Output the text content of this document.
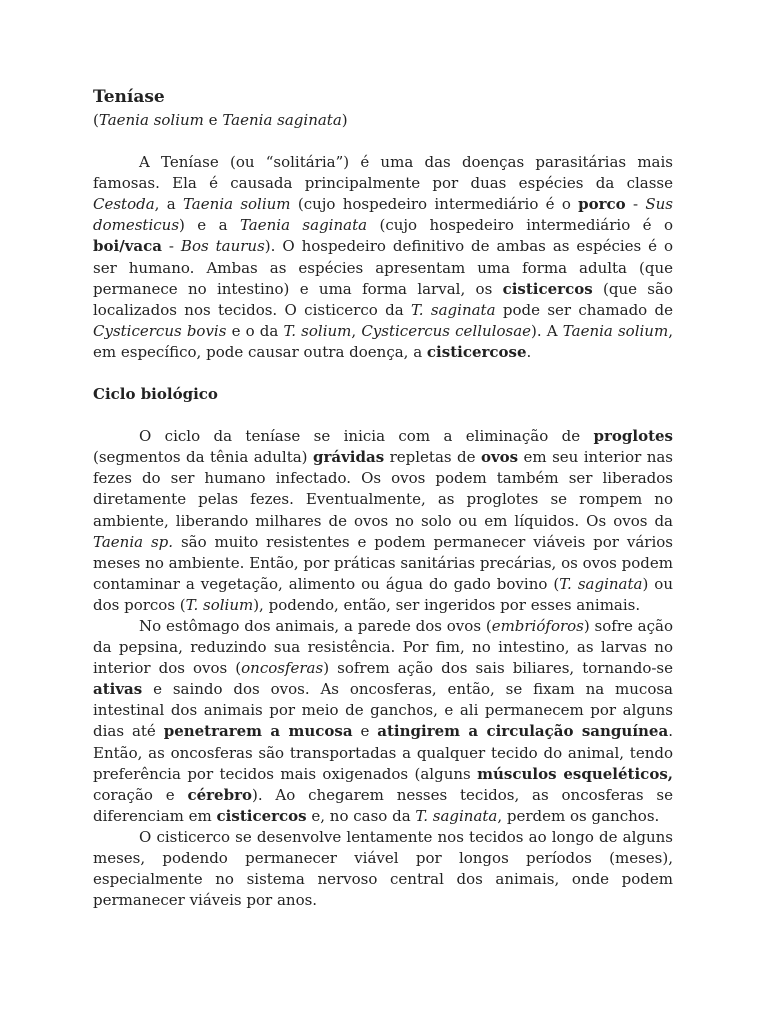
Teníase

(Taenia solium e Taenia saginata)

A Teníase (ou “solitária”) é uma das doenças parasitárias mais famosas. Ela é causada principalmente por duas espécies da classe Cestoda, a Taenia solium (cujo hospedeiro intermediário é o porco - Sus domesticus) e a Taenia saginata (cujo hospedeiro intermediário é o boi/vaca - Bos taurus). O hospedeiro definitivo de ambas as espécies é o ser humano. Ambas as espécies apresentam uma forma adulta (que permanece no intestino) e uma forma larval, os cisticercos (que são localizados nos tecidos. O cisticerco da T. saginata pode ser chamado de Cysticercus bovis e o da T. solium, Cysticercus cellulosae). A Taenia solium, em específico, pode causar outra doença, a cisticercose.

Ciclo biológico

O ciclo da teníase se inicia com a eliminação de proglotes (segmentos da tênia adulta) grávidas repletas de ovos em seu interior nas fezes do ser humano infectado. Os ovos podem também ser liberados diretamente pelas fezes. Eventualmente, as proglotes se rompem no ambiente, liberando milhares de ovos no solo ou em líquidos. Os ovos da Taenia sp. são muito resistentes e podem permanecer viáveis por vários meses no ambiente. Então, por práticas sanitárias precárias, os ovos podem contaminar a vegetação, alimento ou água do gado bovino (T. saginata) ou dos porcos (T. solium), podendo, então, ser ingeridos por esses animais.

No estômago dos animais, a parede dos ovos (embrióforos) sofre ação da pepsina, reduzindo sua resistência. Por fim, no intestino, as larvas no interior dos ovos (oncosferas) sofrem ação dos sais biliares, tornando-se ativas e saindo dos ovos. As oncosferas, então, se fixam na mucosa intestinal dos animais por meio de ganchos, e ali permanecem por alguns dias até penetrarem a mucosa e atingirem a circulação sanguínea. Então, as oncosferas são transportadas a qualquer tecido do animal, tendo preferência por tecidos mais oxigenados (alguns músculos esqueléticos, coração e cérebro). Ao chegarem nesses tecidos, as oncosferas se diferenciam em cisticercos e, no caso da T. saginata, perdem os ganchos.

O cisticerco se desenvolve lentamente nos tecidos ao longo de alguns meses, podendo permanecer viável por longos períodos (meses), especialmente no sistema nervoso central dos animais, onde podem permanecer viáveis por anos.
